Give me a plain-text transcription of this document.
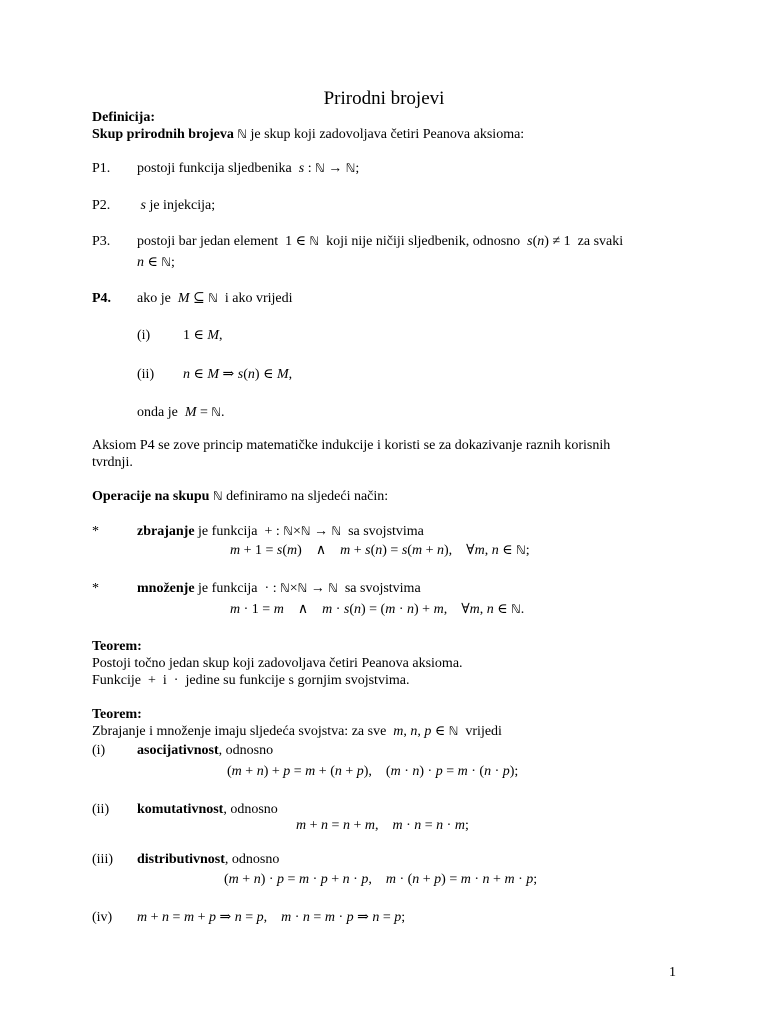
Prirodni brojevi
Definicija:
Skup prirodnih brojeva ℕ je skup koji zadovoljava četiri Peanova aksioma:
P1. postoji funkcija sljedbenika  s : ℕ → ℕ;
P2. s je injekcija;
P3. postoji bar jedan element  1 ∈ ℕ koji nije ničiji sljedbenik, odnosno  s(n) ≠ 1 za svaki
n ∈ ℕ;
P4. ako je  M ⊆ ℕ i ako vrijedi
(i) 1 ∈ M,
(ii) n ∈ M ⇒ s(n) ∈ M,
onda je  M = ℕ.
Aksiom P4 se zove princip matematičke indukcije i koristi se za dokazivanje raznih korisnih
tvrdnji.
Operacije na skupu ℕ definiramo na sljedeći način:
*	zbrajanje je funkcija  + : ℕ×ℕ → ℕ sa svojstvima
m + 1 = s(m)    ∧    m + s(n) = s(m + n),    ∀m, n ∈ ℕ;
*	množenje je funkcija  · : ℕ×ℕ → ℕ sa svojstvima
m · 1 = m    ∧    m · s(n) = (m · n) + m,    ∀m, n ∈ ℕ.
Teorem:
Postoji točno jedan skup koji zadovoljava četiri Peanova aksioma.
Funkcije  +  i  ·  jedine su funkcije s gornjim svojstvima.
Teorem:
Zbrajanje i množenje imaju sljedeća svojstva: za sve  m, n, p ∈ ℕ vrijedi
(i) asocijativnost, odnosno
(m + n) + p = m + (n + p),    (m · n) · p = m · (n · p);
(ii) komutativnost, odnosno
m + n = n + m,    m · n = n · m;
(iii) distributivnost, odnosno
(m + n) · p = m · p + n · p,    m · (n + p) = m · n + m · p;
(iv) m + n = m + p ⇒ n = p,    m · n = m · p ⇒ n = p;
1
